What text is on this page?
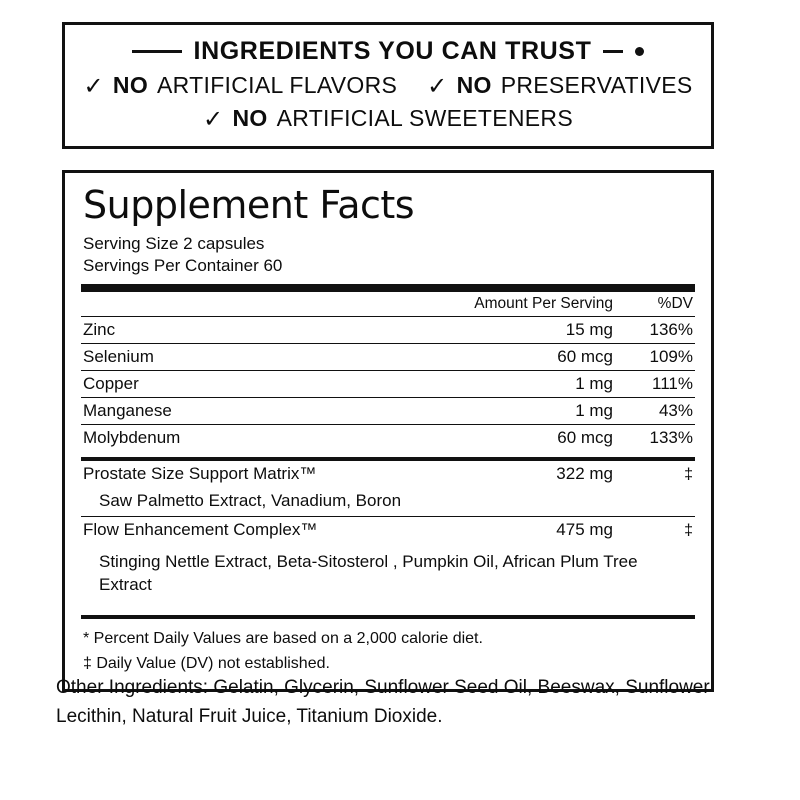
INGREDIENTS YOU CAN TRUST
✓ NO ARTIFICIAL FLAVORS ✓ NO PRESERVATIVES
✓ NO ARTIFICIAL SWEETENERS
Supplement Facts
Serving Size 2 capsules
Servings Per Container 60
	Amount Per Serving	%DV
Zinc	15 mg	136%
Selenium	60 mcg	109%
Copper	1 mg	111%
Manganese	1 mg	43%
Molybdenum	60 mcg	133%
Prostate Size Support Matrix™	322 mg	‡
Saw Palmetto Extract, Vanadium, Boron		
Flow Enhancement Complex™	475 mg	‡
Stinging Nettle Extract, Beta-Sitosterol , Pumpkin Oil, African Plum Tree Extract		
* Percent Daily Values are based on a 2,000 calorie diet.
‡ Daily Value (DV) not established.
Other Ingredients: Gelatin, Glycerin, Sunflower Seed Oil, Beeswax, Sunflower Lecithin, Natural Fruit Juice, Titanium Dioxide.
